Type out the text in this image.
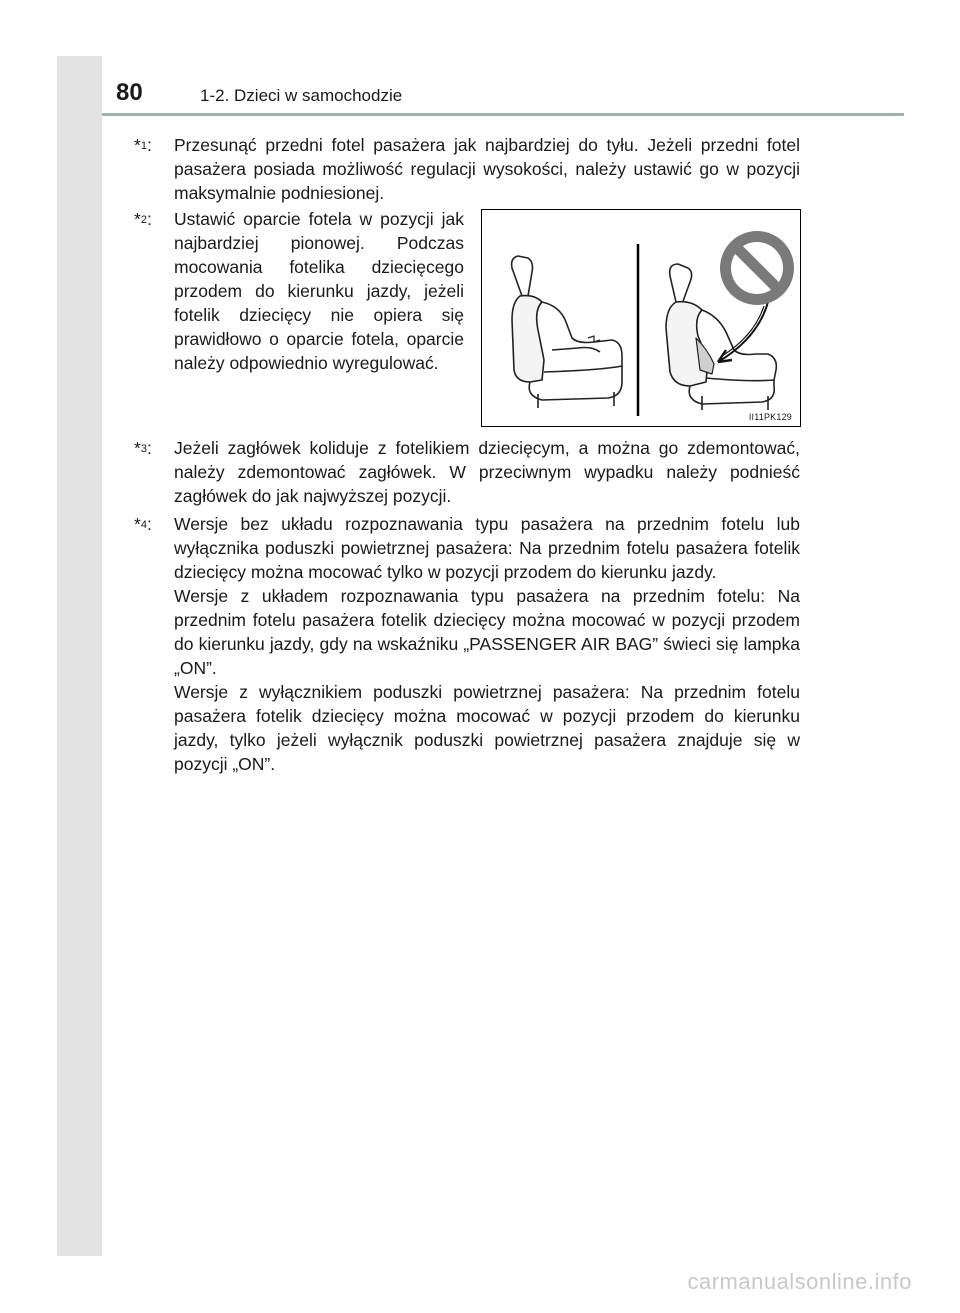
80	1-2. Dzieci w samochodzie
*$^1$: Przesunąć przedni fotel pasażera jak najbardziej do tyłu. Jeżeli przedni fotel pasażera posiada możliwość regulacji wysokości, należy ustawić go w pozycji maksymalnie podniesionej.

*$^2$: Ustawić oparcie fotela w pozycji jak najbardziej pionowej. Podczas mocowania fotelika dziecięcego przodem do kierunku jazdy, jeżeli fotelik dziecięcy nie opiera się prawidłowo o oparcie fotela, oparcie należy odpowiednio wyregulować.

II11PK129
*$^3$: Jeżeli zagłówek koliduje z fotelikiem dziecięcym, a można go zdemontować, należy zdemontować zagłówek. W przeciwnym wypadku należy podnieść zagłówek do jak najwyższej pozycji.

*$^4$: Wersje bez układu rozpoznawania typu pasażera na przednim fotelu lub wyłącznika poduszki powietrznej pasażera: Na przednim fotelu pasażera fotelik dziecięcy można mocować tylko w pozycji przodem do kierunku jazdy.

Wersje z układem rozpoznawania typu pasażera na przednim fotelu: Na przednim fotelu pasażera fotelik dziecięcy można mocować w pozycji przodem do kierunku jazdy, gdy na wskaźniku „PASSENGER AIR BAG” świeci się lampka „ON”.

Wersje z wyłącznikiem poduszki powietrznej pasażera: Na przednim fotelu pasażera fotelik dziecięcy można mocować w pozycji przodem do kierunku jazdy, tylko jeżeli wyłącznik poduszki powietrznej pasażera znajduje się w pozycji „ON”.

carmanualsonline.info
